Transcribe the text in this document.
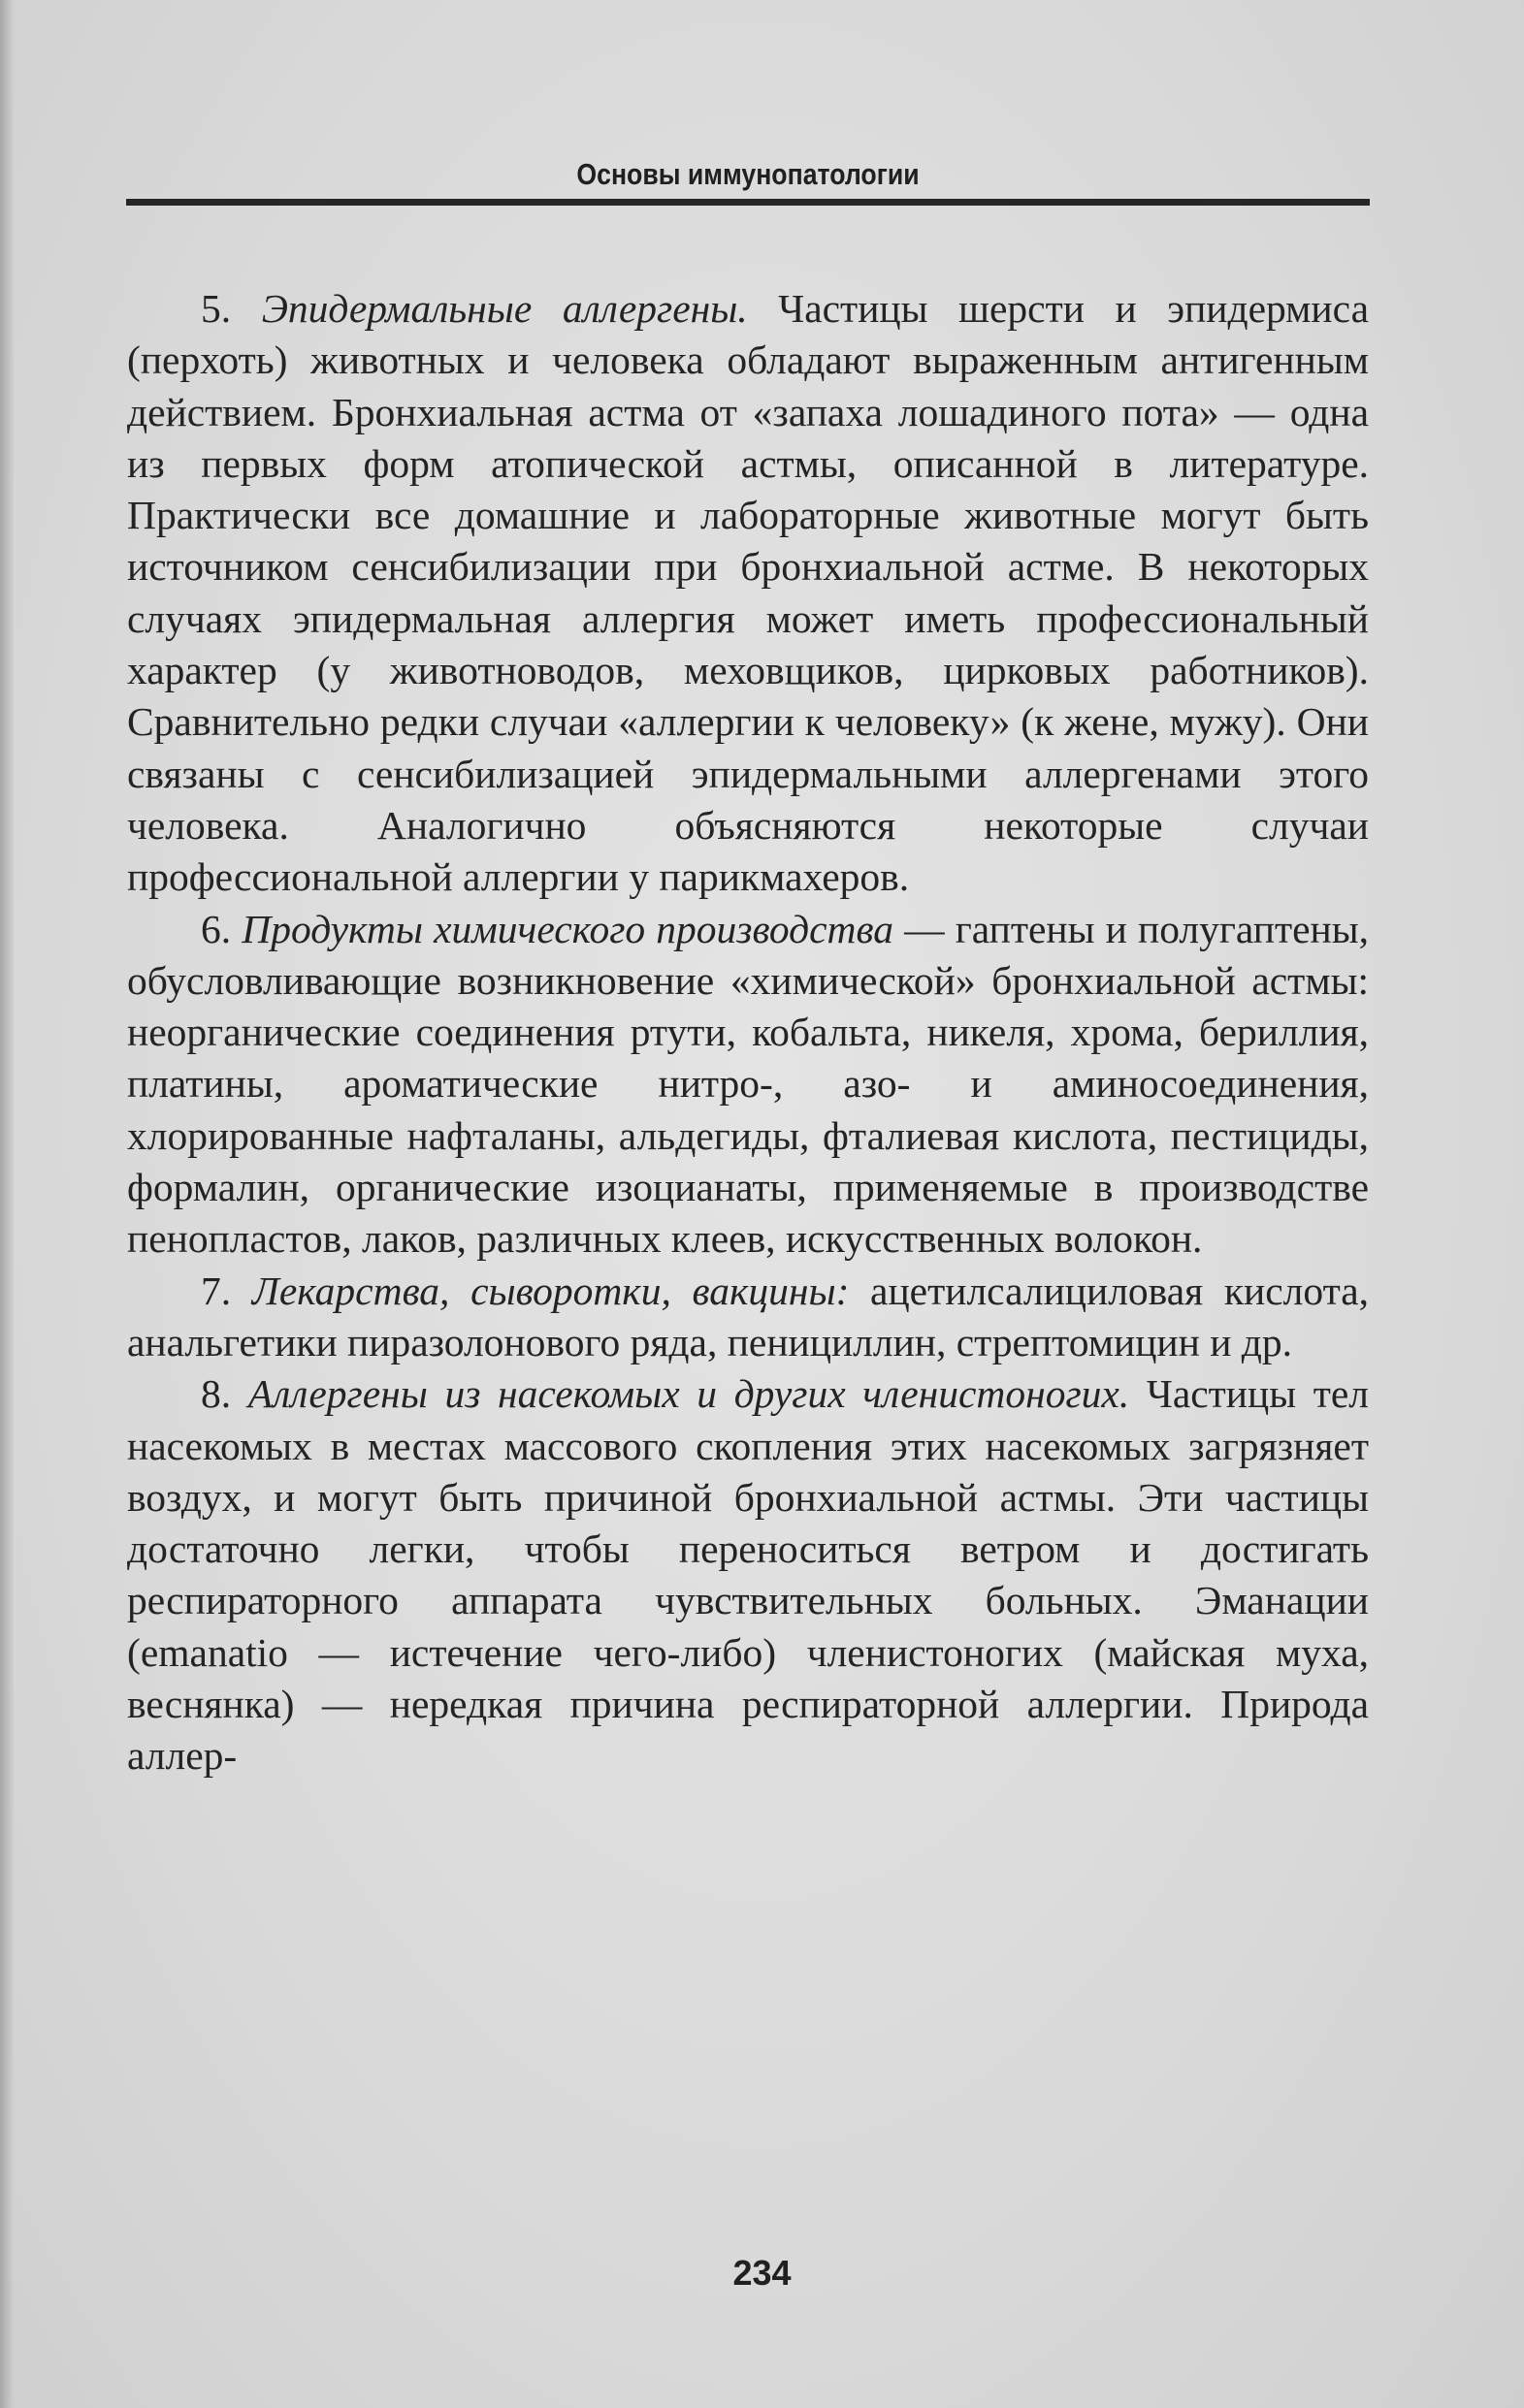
Основы иммунопатологии

5. Эпидермальные аллергены. Частицы шерсти и эпидермиса (перхоть) животных и человека обладают выраженным антигенным действием. Бронхиальная астма от «запаха лошадиного пота» — одна из первых форм атопической астмы, описанной в литературе. Практически все домашние и лабораторные животные могут быть источником сенсибилизации при бронхиальной астме. В некоторых случаях эпидермальная аллергия может иметь профессиональный характер (у животноводов, меховщиков, цирковых работников). Сравнительно редки случаи «аллергии к человеку» (к жене, мужу). Они связаны с сенсибилизацией эпидермальными аллергенами этого человека. Аналогично объясняются некоторые случаи профессиональной аллергии у парикмахеров.

6. Продукты химического производства — гаптены и полугаптены, обусловливающие возникновение «химической» бронхиальной астмы: неорганические соединения ртути, кобальта, никеля, хрома, бериллия, платины, ароматические нитро-, азо- и аминосоединения, хлорированные нафталаны, альдегиды, фталиевая кислота, пестициды, формалин, органические изоцианаты, применяемые в производстве пенопластов, лаков, различных клеев, искусственных волокон.

7. Лекарства, сыворотки, вакцины: ацетилсалициловая кислота, анальгетики пиразолонового ряда, пенициллин, стрептомицин и др.

8. Аллергены из насекомых и других членистоногих. Частицы тел насекомых в местах массового скопления этих насекомых загрязняет воздух, и могут быть причиной бронхиальной астмы. Эти частицы достаточно легки, чтобы переноситься ветром и достигать респираторного аппарата чувствительных больных. Эманации (emanatio — истечение чего-либо) членистоногих (майская муха, веснянка) — нередкая причина респираторной аллергии. Природа аллер-

234
